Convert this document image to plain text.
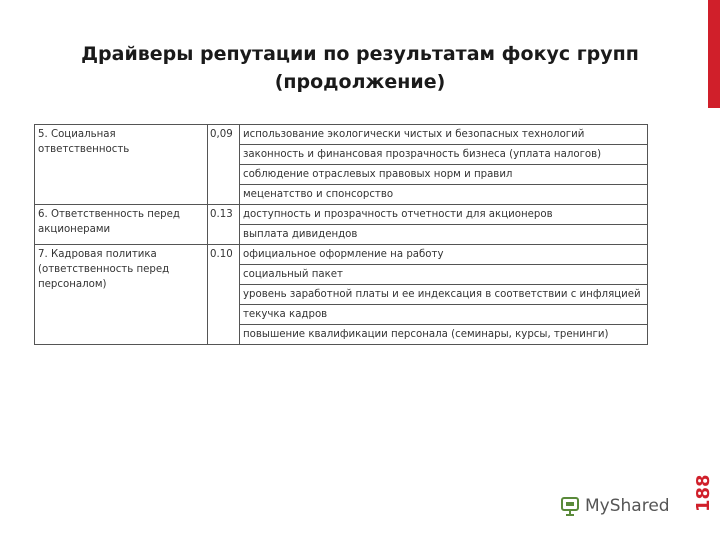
Драйверы репутации по результатам фокус групп
(продолжение)
5. Социальная ответственность	0,09	использование экологически чистых и безопасных технологий
		законность и финансовая прозрачность бизнеса (уплата налогов)
		соблюдение отраслевых правовых норм и правил
		меценатство и спонсорство
6. Ответственность перед акционерами	0.13	доступность и прозрачность отчетности для акционеров
		выплата дивидендов
7. Кадровая политика (ответственность перед персоналом)	0.10	официальное оформление на работу
		социальный пакет
		уровень заработной платы и ее индексация в соответствии с инфляцией
		текучка кадров
		повышение квалификации персонала (семинары, курсы, тренинги)
MyShared	188
